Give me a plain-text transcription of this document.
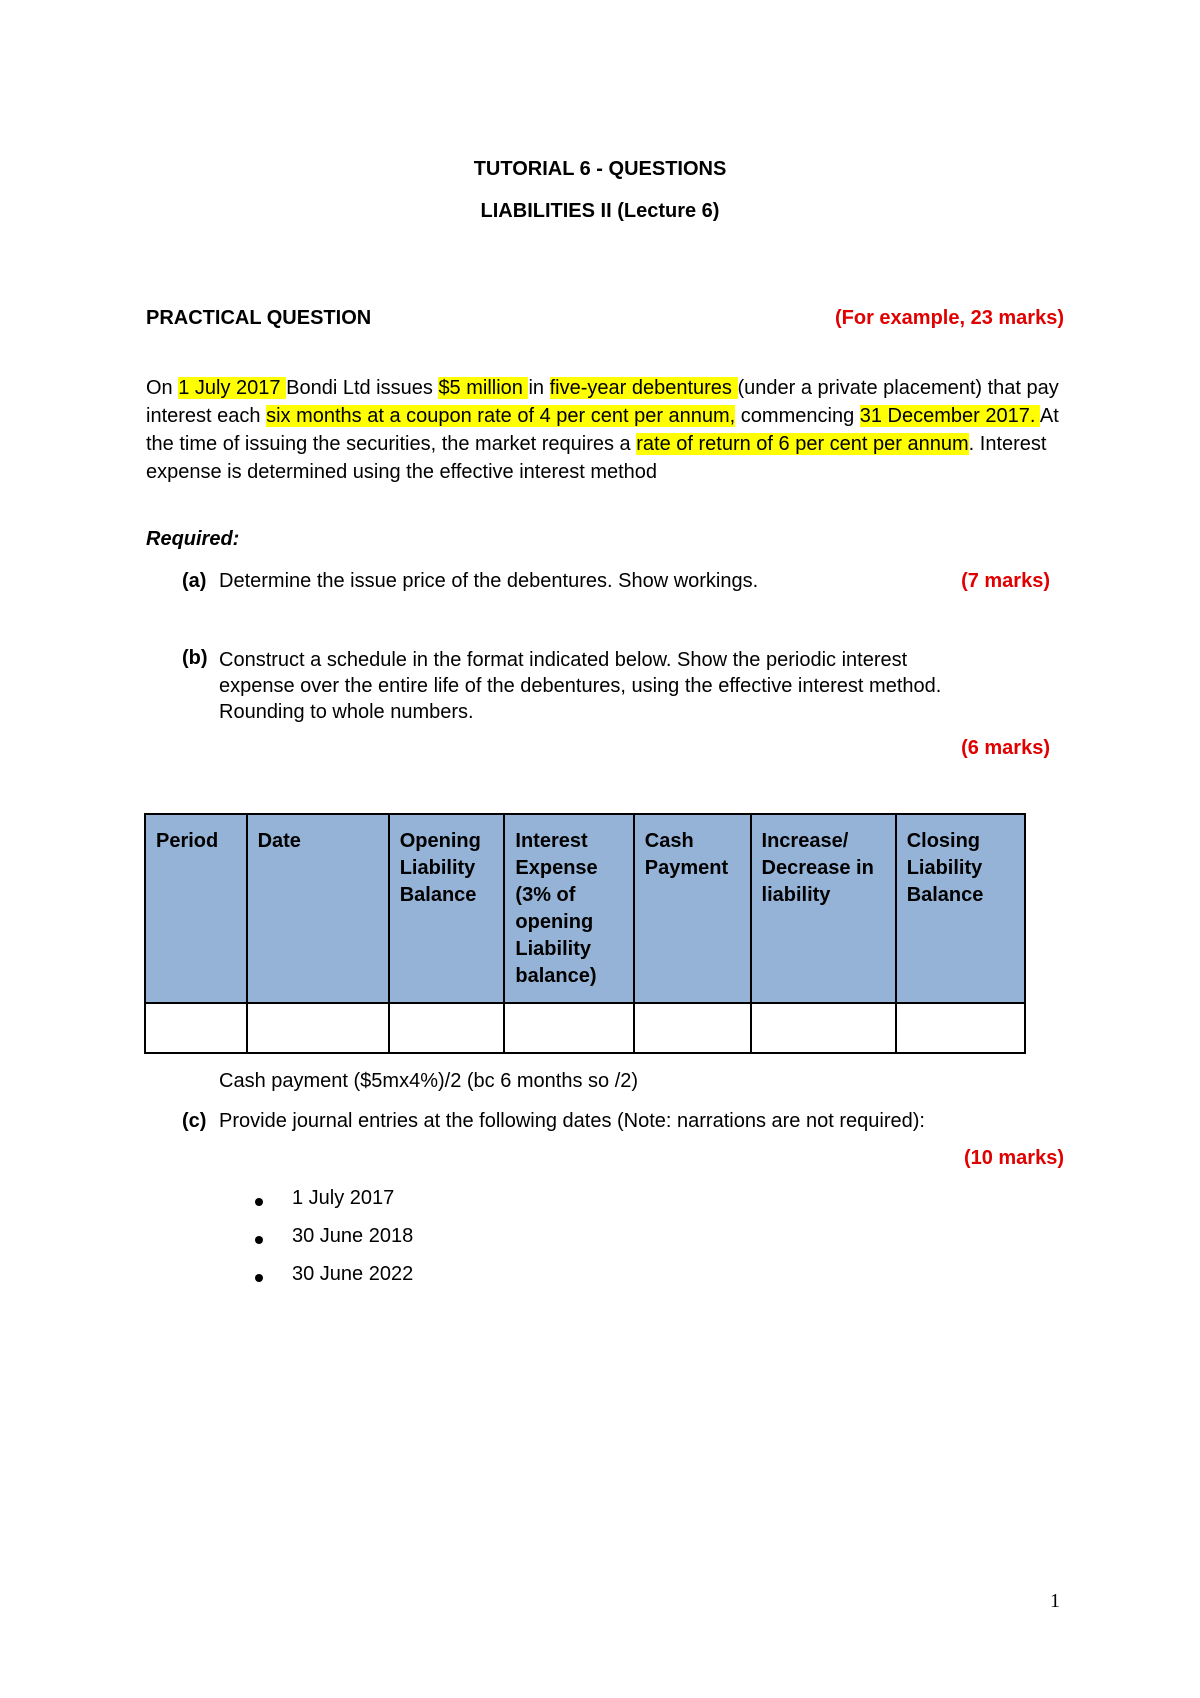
TUTORIAL 6 - QUESTIONS
LIABILITIES II (Lecture 6)
PRACTICAL QUESTION	(For example, 23 marks)
On 1 July 2017 Bondi Ltd issues $5 million in five-year debentures (under a private placement) that pay interest each six months at a coupon rate of 4 per cent per annum, commencing 31 December 2017. At the time of issuing the securities, the market requires a rate of return of 6 per cent per annum. Interest expense is determined using the effective interest method
Required:
(a) Determine the issue price of the debentures. Show workings.	(7 marks)
(b) Construct a schedule in the format indicated below. Show the periodic interest
expense over the entire life of the debentures, using the effective interest method.
Rounding to whole numbers.
(6 marks)
Period	Date	Opening Liability Balance	Interest Expense (3% of opening Liability balance)	Cash Payment	Increase/ Decrease in liability	Closing Liability Balance

Cash payment ($5mx4%)/2 (bc 6 months so /2)
(c) Provide journal entries at the following dates (Note: narrations are not required):
(10 marks)
1 July 2017
30 June 2018
30 June 2022
1
